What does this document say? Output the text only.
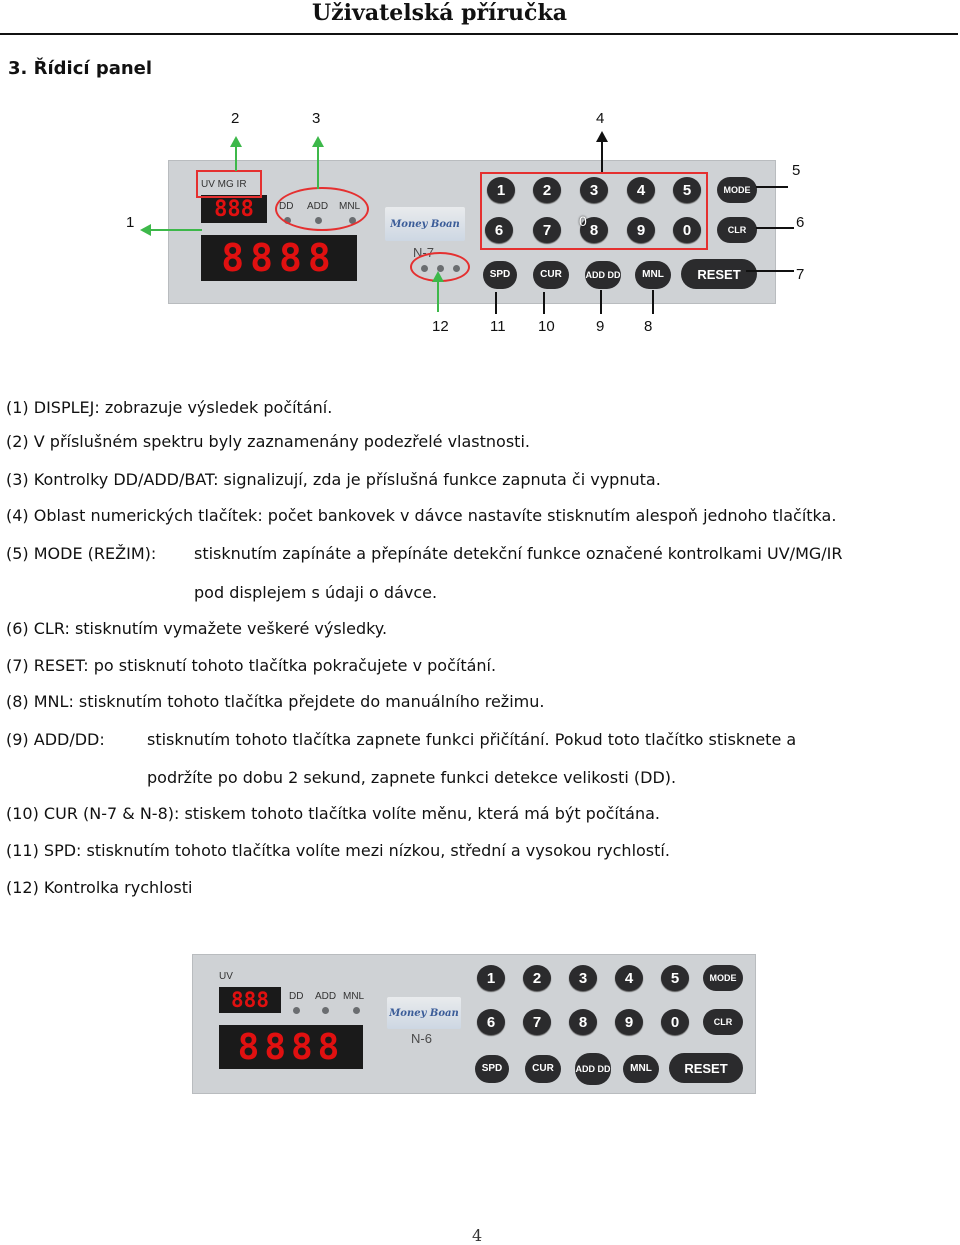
Uživatelská příručka
3. Řídicí panel
2	3	4
5
1	6
7
12	11 10	9	8
UV MG IR
888
8888
DD ADD MNL
Money Boan
N-7
1	2	3	4	5
6	7	8	9	0
0
MODE
CLR
SPD	CUR	ADD DD	MNL	RESET
(1) DISPLEJ: zobrazuje výsledek počítání.
(2) V příslušném spektru byly zaznamenány podezřelé vlastnosti.
(3) Kontrolky DD/ADD/BAT: signalizují, zda je příslušná funkce zapnuta či vypnuta.
(4) Oblast numerických tlačítek: počet bankovek v dávce nastavíte stisknutím alespoň jednoho tlačítka.
(5) MODE (REŽIM): stisknutím zapínáte a přepínáte detekční funkce označené kontrolkami UV/MG/IR
pod displejem s údaji o dávce.
(6) CLR: stisknutím vymažete veškeré výsledky.
(7) RESET: po stisknutí tohoto tlačítka pokračujete v počítání.
(8) MNL: stisknutím tohoto tlačítka přejdete do manuálního režimu.
(9) ADD/DD:	stisknutím tohoto tlačítka zapnete funkci přičítání. Pokud toto tlačítko stisknete a
podržíte po dobu 2 sekund, zapnete funkci detekce velikosti (DD).
(10) CUR (N-7 & N-8): stiskem tohoto tlačítka volíte měnu, která má být počítána.
(11) SPD: stisknutím tohoto tlačítka volíte mezi nízkou, střední a vysokou rychlostí.
(12) Kontrolka rychlosti
UV
888
8888
DD ADD MNL
Money Boan
N-6
1	2	3	4	5
6	7	8	9	0
MODE
CLR
SPD	CUR	ADD DD	MNL	RESET
4
